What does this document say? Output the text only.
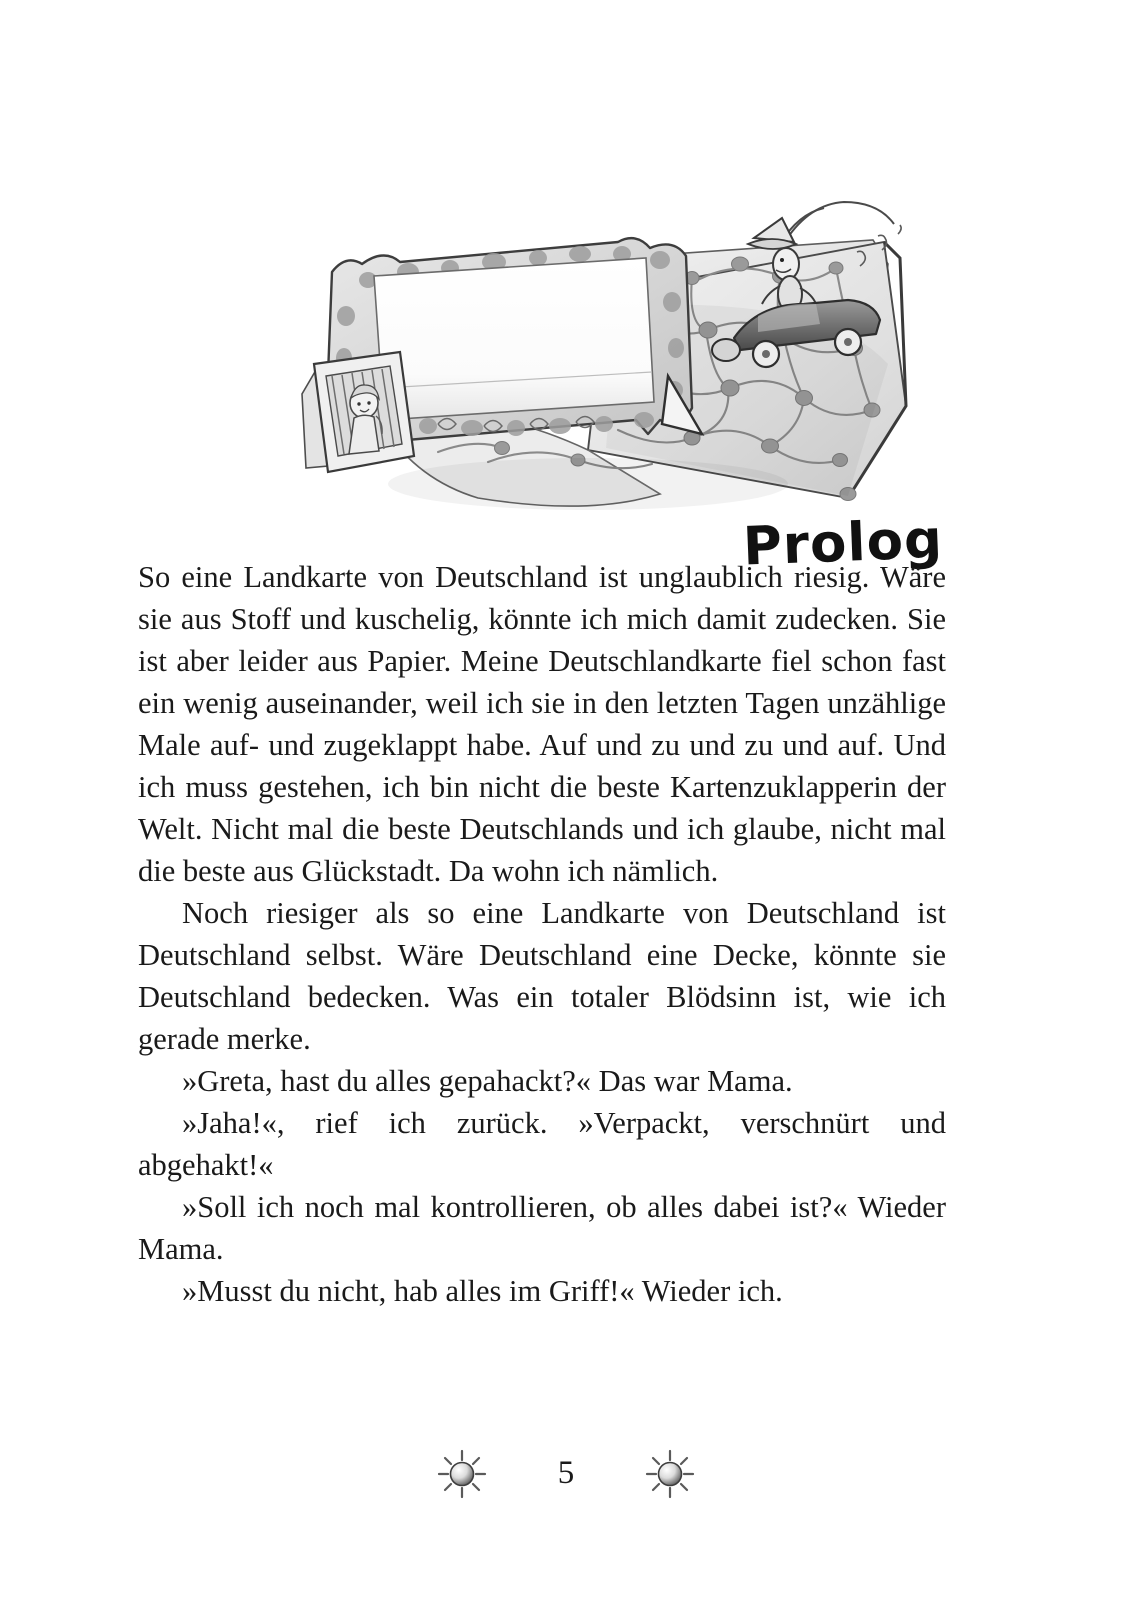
Prolog

So eine Landkarte von Deutschland ist unglaublich riesig. Wäre sie aus Stoff und kuschelig, könnte ich mich damit zudecken. Sie ist aber leider aus Papier. Meine Deutschlandkarte fiel schon fast ein wenig auseinander, weil ich sie in den letzten Tagen unzählige Male auf- und zugeklappt habe. Auf und zu und zu und auf. Und ich muss gestehen, ich bin nicht die beste Kartenzuklapperin der Welt. Nicht mal die beste Deutschlands und ich glaube, nicht mal die beste aus Glückstadt. Da wohn ich nämlich.

Noch riesiger als so eine Landkarte von Deutschland ist Deutschland selbst. Wäre Deutschland eine Decke, könnte sie Deutschland bedecken. Was ein totaler Blödsinn ist, wie ich gerade merke.

»Greta, hast du alles gepahackt?« Das war Mama.

»Jaha!«, rief ich zurück. »Verpackt, verschnürt und abgehakt!«

»Soll ich noch mal kontrollieren, ob alles dabei ist?« Wieder Mama.

»Musst du nicht, hab alles im Griff!« Wieder ich.

5
